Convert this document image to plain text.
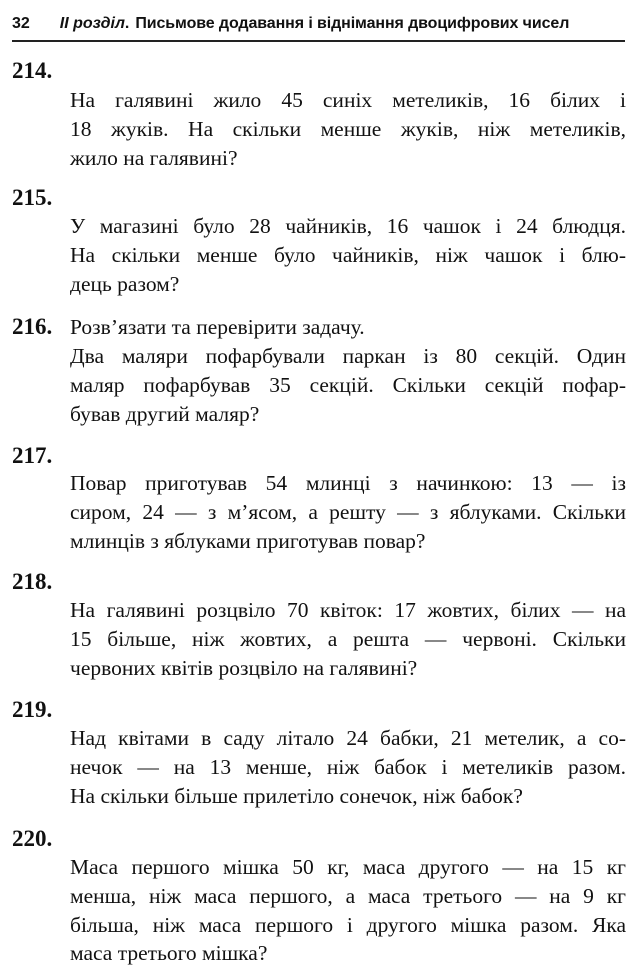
32 II розділ . Письмове додавання і віднімання двоцифрових чисел
214.
На галявині жило 45 синіх метеликів, 16 білих і
18 жуків. На скільки менше жуків, ніж метеликів,
жило на галявині?
215.
У магазині було 28 чайників, 16 чашок і 24 блюдця.
На скільки менше було чайників, ніж чашок і блю-
дець разом?
216. Розв’язати та перевірити задачу.
Два маляри пофарбували паркан із 80 секцій. Один
маляр пофарбував 35 секцій. Скільки секцій пофар-
бував другий маляр?
217.
Повар приготував 54 млинці з начинкою: 13 — із
сиром, 24 — з м’ясом, а решту — з яблуками. Скільки
млинців з яблуками приготував повар?
218.
На галявині розцвіло 70 квіток: 17 жовтих, білих — на
15 більше, ніж жовтих, а решта — червоні. Скільки
червоних квітів розцвіло на галявині?
219.
Над квітами в саду літало 24 бабки, 21 метелик, а со-
нечок — на 13 менше, ніж бабок і метеликів разом.
На скільки більше прилетіло сонечок, ніж бабок?
220.
Маса першого мішка 50 кг, маса другого — на 15 кг
менша, ніж маса першого, а маса третього — на 9 кг
більша, ніж маса першого і другого мішка разом. Яка
маса третього мішка?
